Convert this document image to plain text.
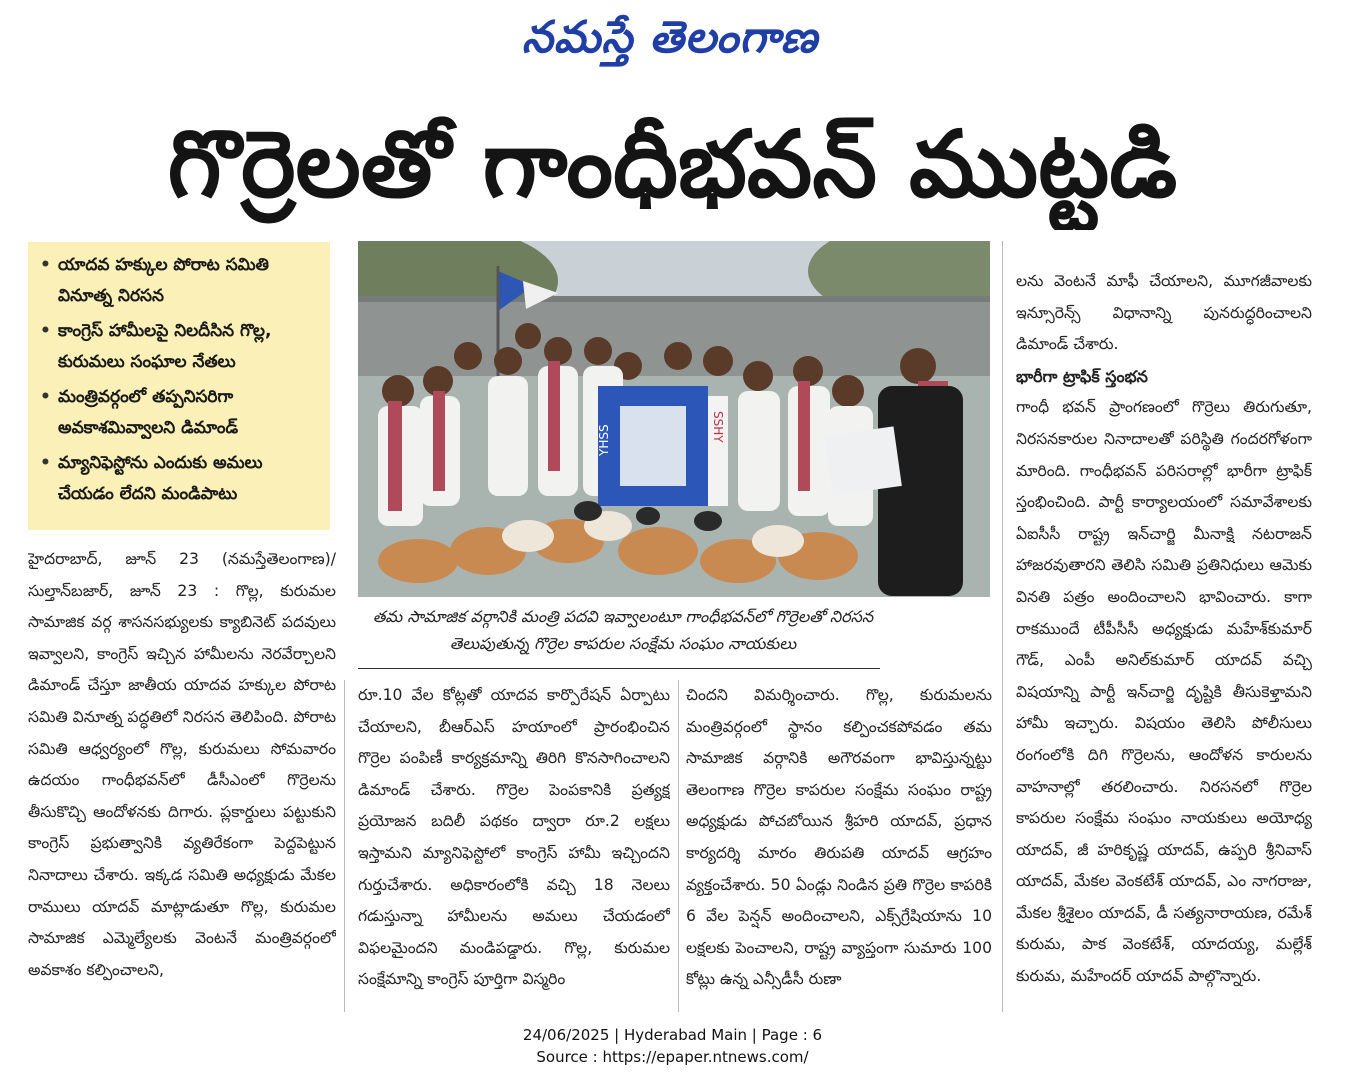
నమస్తే తెలంగాణ
గొర్రెలతో గాంధీభవన్ ముట్టడి
• యాదవ హక్కుల పోరాట సమితి వినూత్న నిరసన
• కాంగ్రెస్ హామీలపై నిలదీసిన గొల్ల, కురుమలు సంఘాల నేతలు
• మంత్రివర్గంలో తప్పనిసరిగా అవకాశమివ్వాలని డిమాండ్
• మ్యానిఫెస్టోను ఎందుకు అమలు చేయడం లేదని మండిపాటు
YHSS	SSHY
తమ సామాజిక వర్గానికి మంత్రి పదవి ఇవ్వాలంటూ గాంధీభవన్‌లో గొర్రెలతో నిరసన తెలుపుతున్న గొర్రెల కాపరుల సంక్షేమ సంఘం నాయకులు

హైదరాబాద్, జూన్ 23 (నమస్తేతెలంగాణ)/ సుల్తాన్‌బజార్, జూన్ 23 : గొల్ల, కురుమల సామాజిక వర్గ శాసనసభ్యులకు క్యాబినెట్ పదవులు ఇవ్వాలని, కాంగ్రెస్ ఇచ్చిన హామీలను నెరవేర్చాలని డిమాండ్ చేస్తూ జాతీయ యాదవ హక్కుల పోరాట సమితి వినూత్న పద్ధతిలో నిరసన తెలిపింది. పోరాట సమితి ఆధ్వర్యంలో గొల్ల, కురుమలు సోమవారం ఉదయం గాంధీభవన్‌లో డీసీఎంలో గొర్రెలను తీసుకొచ్చి ఆందోళనకు దిగారు. ప్లకార్డులు పట్టుకుని కాంగ్రెస్ ప్రభుత్వానికి వ్యతిరేకంగా పెద్దపెట్టున నినాదాలు చేశారు. ఇక్కడ సమితి అధ్యక్షుడు మేకల రాములు యాదవ్ మాట్లాడుతూ గొల్ల, కురుమల సామాజిక ఎమ్మెల్యేలకు వెంటనే మంత్రివర్గంలో అవకాశం కల్పించాలని,

రూ.10 వేల కోట్లతో యాదవ కార్పొరేషన్ ఏర్పాటు చేయాలని, బీఆర్‌ఎస్ హయాంలో ప్రారంభించిన గొర్రెల పంపిణీ కార్యక్రమాన్ని తిరిగి కొనసాగించాలని డిమాండ్ చేశారు. గొర్రెల పెంపకానికి ప్రత్యక్ష ప్రయోజన బదిలీ పథకం ద్వారా రూ.2 లక్షలు ఇస్తామని మ్యానిఫెస్టోలో కాంగ్రెస్ హామీ ఇచ్చిందని గుర్తుచేశారు. అధికారంలోకి వచ్చి 18 నెలలు గడుస్తున్నా హామీలను అమలు చేయడంలో విఫలమైందని మండిపడ్డారు. గొల్ల, కురుమల సంక్షేమాన్ని కాంగ్రెస్ పూర్తిగా విస్మరిం

చిందని విమర్శించారు. గొల్ల, కురుమలను మంత్రివర్గంలో స్థానం కల్పించకపోవడం తమ సామాజిక వర్గానికి అగౌరవంగా భావిస్తున్నట్టు తెలంగాణ గొర్రెల కాపరుల సంక్షేమ సంఘం రాష్ట్ర అధ్యక్షుడు పోచబోయిన శ్రీహరి యాదవ్, ప్రధాన కార్యదర్శి మారం తిరుపతి యాదవ్ ఆగ్రహం వ్యక్తంచేశారు. 50 ఏండ్లు నిండిన ప్రతి గొర్రెల కాపరికి 6 వేల పెన్షన్ అందించాలని, ఎక్స్‌గ్రేషియాను 10 లక్షలకు పెంచాలని, రాష్ట్ర వ్యాప్తంగా సుమారు 100 కోట్లు ఉన్న ఎన్సీడీసీ రుణా

లను వెంటనే మాఫీ చేయాలని, మూగజీవాలకు ఇన్సూరెన్స్ విధానాన్ని పునరుద్ధరించాలని డిమాండ్ చేశారు.

భారీగా ట్రాఫిక్ స్తంభన

గాంధీ భవన్ ప్రాంగణంలో గొర్రెలు తిరుగుతూ, నిరసనకారుల నినాదాలతో పరిస్థితి గందరగోళంగా మారింది. గాంధీభవన్ పరిసరాల్లో భారీగా ట్రాఫిక్ స్తంభించింది. పార్టీ కార్యాలయంలో సమావేశాలకు ఏఐసీసీ రాష్ట్ర ఇన్‌చార్జి మీనాక్షి నటరాజన్ హాజరవుతారని తెలిసి సమితి ప్రతినిధులు ఆమెకు వినతి పత్రం అందించాలని భావించారు. కాగా రాకముందే టీపీసీసీ అధ్యక్షుడు మహేశ్‌కుమార్ గౌడ్, ఎంపీ అనిల్‌కుమార్ యాదవ్ వచ్చి విషయాన్ని పార్టీ ఇన్‌చార్జి దృష్టికి తీసుకెళ్తామని హామీ ఇచ్చారు. విషయం తెలిసి పోలీసులు రంగంలోకి దిగి గొర్రెలను, ఆందోళన కారులను వాహనాల్లో తరలించారు. నిరసనలో గొర్రెల కాపరుల సంక్షేమ సంఘం నాయకులు అయోధ్య యాదవ్, జీ హరికృష్ణ యాదవ్, ఉప్పరి శ్రీనివాస్ యాదవ్, మేకల వెంకటేశ్ యాదవ్, ఎం నాగరాజు, మేకల శ్రీశైలం యాదవ్, డీ సత్యనారాయణ, రమేశ్ కురుమ, పాక వెంకటేశ్, యాదయ్య, మల్లేశ్ కురుమ, మహేందర్ యాదవ్ పాల్గొన్నారు.

24/06/2025 | Hyderabad Main | Page : 6
Source : https://epaper.ntnews.com/
